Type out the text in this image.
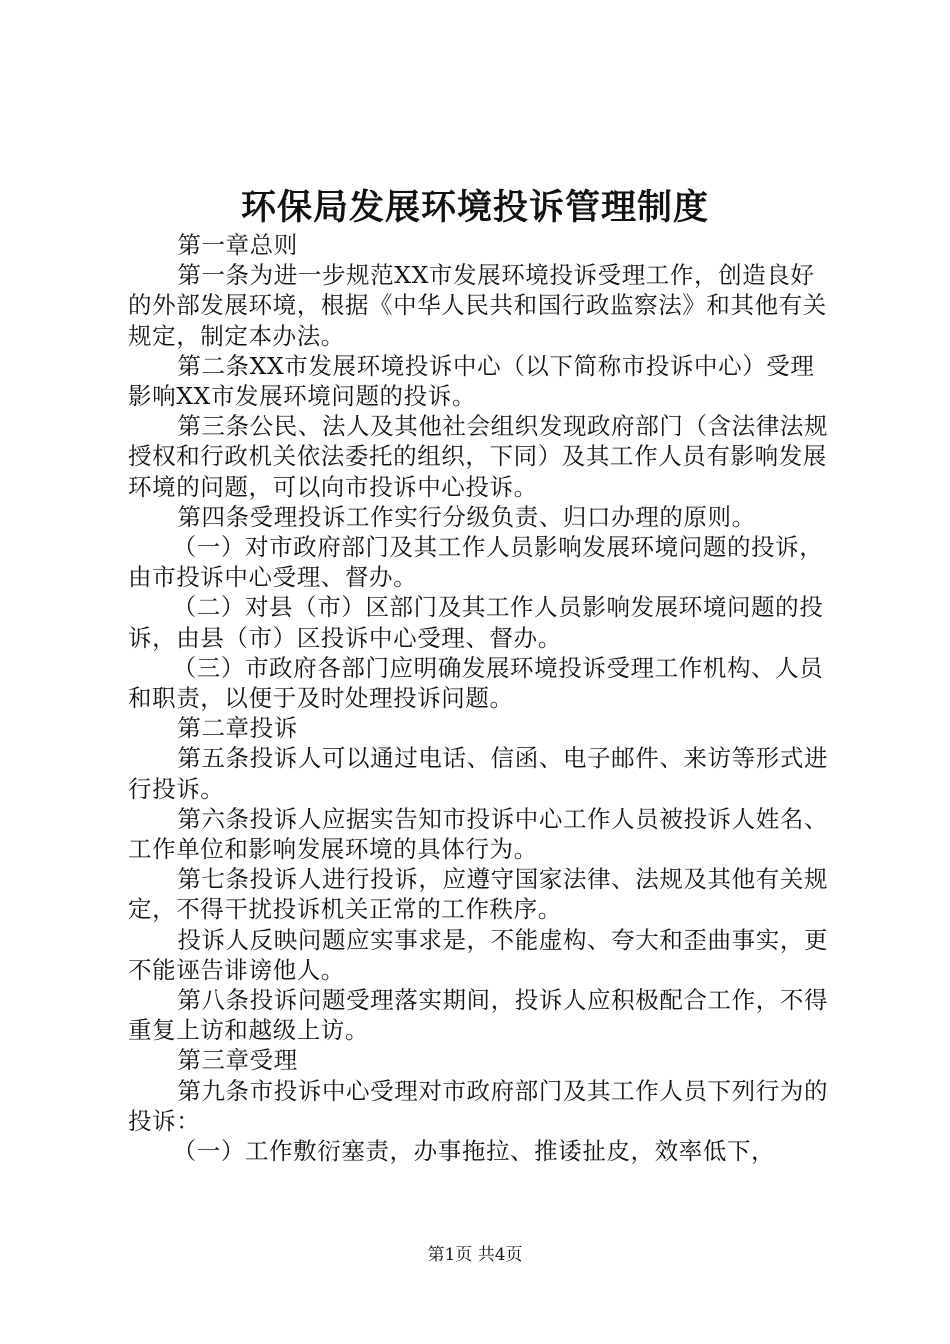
环保局发展环境投诉管理制度

第一章总则

第一条为进一步规范XX市发展环境投诉受理工作，创造良好的外部发展环境，根据《中华人民共和国行政监察法》和其他有关规定，制定本办法。

第二条XX市发展环境投诉中心（以下简称市投诉中心）受理影响XX市发展环境问题的投诉。

第三条公民、法人及其他社会组织发现政府部门（含法律法规授权和行政机关依法委托的组织，下同）及其工作人员有影响发展环境的问题，可以向市投诉中心投诉。

第四条受理投诉工作实行分级负责、归口办理的原则。

（一）对市政府部门及其工作人员影响发展环境问题的投诉，由市投诉中心受理、督办。

（二）对县（市）区部门及其工作人员影响发展环境问题的投诉，由县（市）区投诉中心受理、督办。

（三）市政府各部门应明确发展环境投诉受理工作机构、人员和职责，以便于及时处理投诉问题。

第二章投诉

第五条投诉人可以通过电话、信函、电子邮件、来访等形式进行投诉。

第六条投诉人应据实告知市投诉中心工作人员被投诉人姓名、工作单位和影响发展环境的具体行为。

第七条投诉人进行投诉，应遵守国家法律、法规及其他有关规定，不得干扰投诉机关正常的工作秩序。

投诉人反映问题应实事求是，不能虚构、夸大和歪曲事实，更不能诬告诽谤他人。

第八条投诉问题受理落实期间，投诉人应积极配合工作，不得重复上访和越级上访。

第三章受理

第九条市投诉中心受理对市政府部门及其工作人员下列行为的投诉：

（一）工作敷衍塞责，办事拖拉、推诿扯皮，效率低下，

第1页 共4页
